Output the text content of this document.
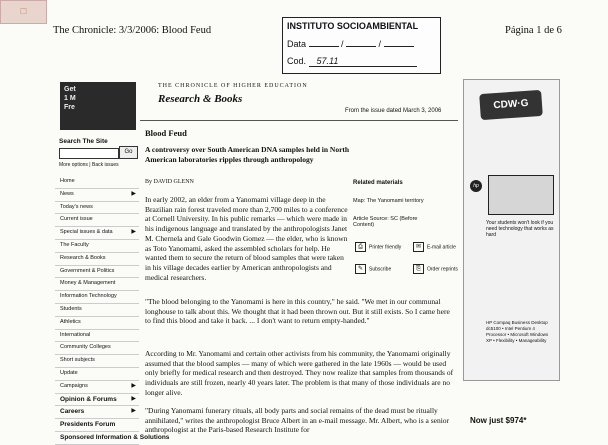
☐
The Chronicle: 3/3/2006: Blood Feud	Página 1 de 6
INSTITUTO SOCIOAMBIENTAL
Data	/	/
Cod. 57.11
Get
1 M
Fre
Search The Site
Go
More options | Back issues
Home
News	▶
Today's news
Current issue
Special issues & data	▶
The Faculty
Research & Books
Government & Politics
Money & Management
Information Technology
Students
Athletics
International
Community Colleges
Short subjects
Update
Campaigns	▶
Opinion & Forums ▶
Careers	▶
Presidents Forum
Sponsored Information & Solutions
THE CHRONICLE OF HIGHER EDUCATION
Research & Books
From the issue dated March 3, 2006
Blood Feud
A controversy over South American DNA samples held in North American laboratories ripples through anthropology
By DAVID GLENN
In early 2002, an elder from a Yanomami village deep in the Brazilian rain forest traveled more than 2,700 miles to a conference at Cornell University. In his public remarks — which were made in his indigenous language and translated by the anthropologists Janet M. Chernela and Gale Goodwin Gomez — the elder, who is known as Toto Yanomami, asked the assembled scholars for help. He wanted them to secure the return of blood samples that were taken in his village decades earlier by American anthropologists and medical researchers.
Related materials
Map: The Yanomami territory
Article Source: SC (Before Content)
⎙ Printer friendly	✉ E-mail article
✎ Subscribe	⎘ Order reprints
"The blood belonging to the Yanomami is here in this country," he said. "We met in our communal longhouse to talk about this. We thought that it had been thrown out. But it still exists. So I came here to find this blood and take it back. ... I don't want to return empty-handed."
According to Mr. Yanomami and certain other activists from his community, the Yanomami originally assumed that the blood samples — many of which were gathered in the late 1960s — would be used only briefly for medical research and then destroyed. They now realize that samples from thousands of individuals are still frozen, nearly 40 years later. The problem is that many of those individuals are no longer alive.
"During Yanomami funerary rituals, all body parts and social remains of the dead must be ritually annihilated," writes the anthropologist Bruce Albert in an e-mail message. Mr. Albert, who is a senior anthropologist at the Paris-based Research Institute for
CDW·G
hp
Your students won't look if you need technology that works as hard
HP Compaq Business Desktop dc5100 • Intel Pentium 4 Processor • Microsoft Windows XP • Flexibility • Manageability
Now just $974*
